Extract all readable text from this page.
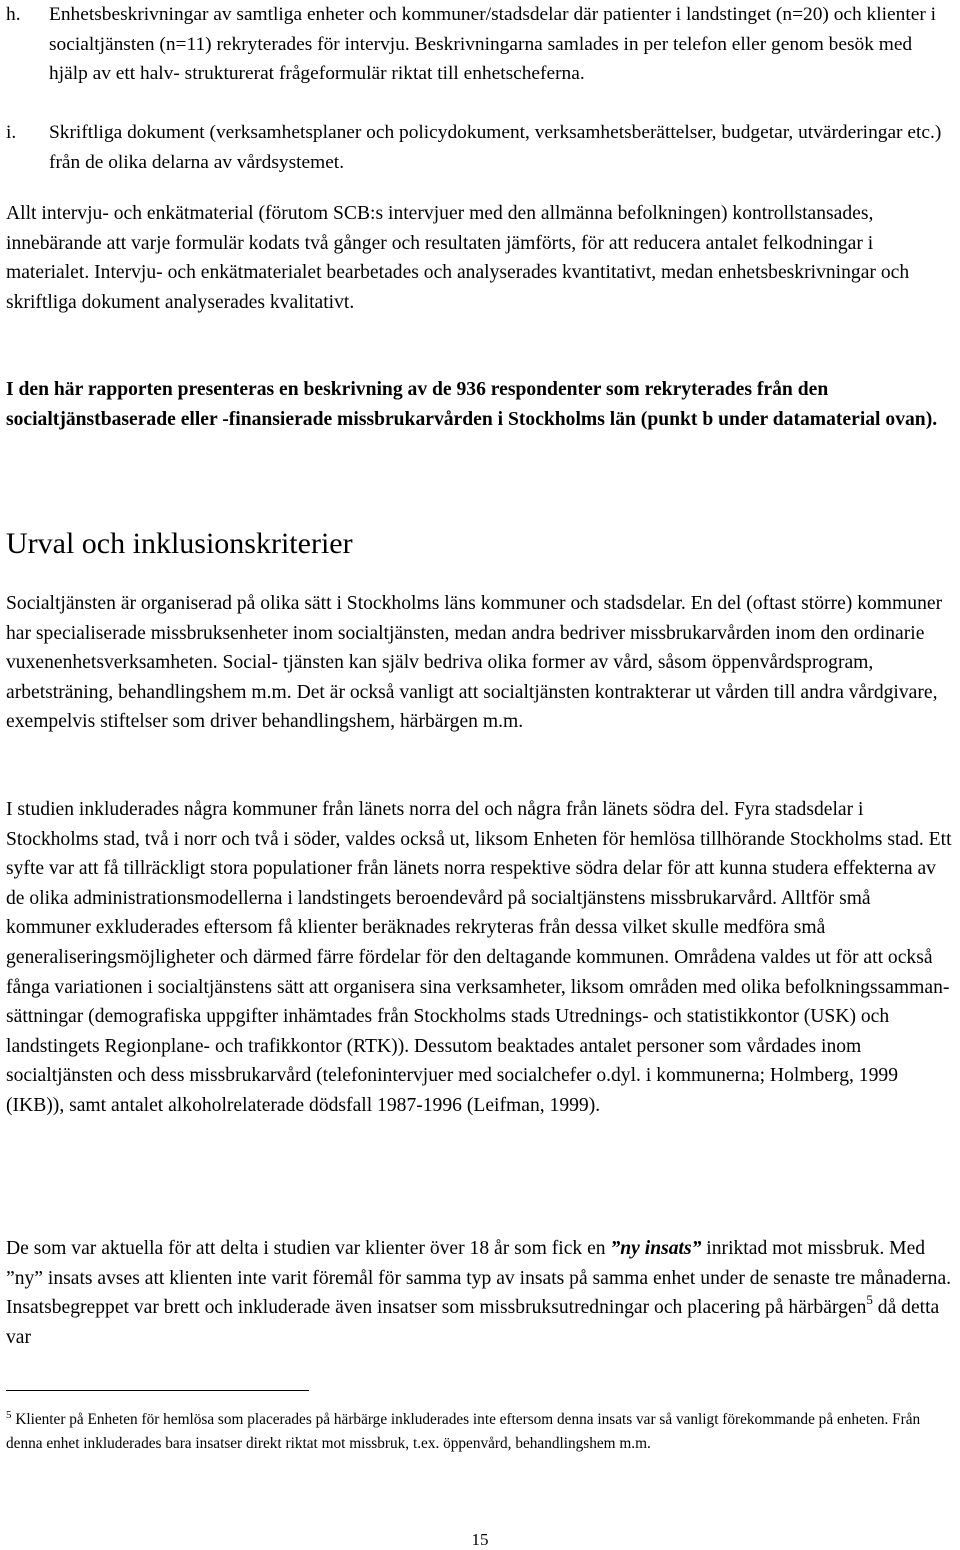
h. Enhetsbeskrivningar av samtliga enheter och kommuner/stadsdelar där patienter i landstinget (n=20) och klienter i socialtjänsten (n=11) rekryterades för intervju. Beskrivningarna samlades in per telefon eller genom besök med hjälp av ett halv- strukturerat frågeformulär riktat till enhetscheferna.
i. Skriftliga dokument (verksamhetsplaner och policydokument, verksamhetsberättelser, budgetar, utvärderingar etc.) från de olika delarna av vårdsystemet.

Allt intervju- och enkätmaterial (förutom SCB:s intervjuer med den allmänna befolkningen) kontrollstansades, innebärande att varje formulär kodats två gånger och resultaten jämförts, för att reducera antalet felkodningar i materialet. Intervju- och enkätmaterialet bearbetades och analyserades kvantitativt, medan enhetsbeskrivningar och skriftliga dokument analyserades kvalitativt.

I den här rapporten presenteras en beskrivning av de 936 respondenter som rekryterades från den socialtjänstbaserade eller -finansierade missbrukarvården i Stockholms län (punkt b under datamaterial ovan).

Urval och inklusionskriterier

Socialtjänsten är organiserad på olika sätt i Stockholms läns kommuner och stadsdelar. En del (oftast större) kommuner har specialiserade missbruksenheter inom socialtjänsten, medan andra bedriver missbrukarvården inom den ordinarie vuxenenhetsverksamheten. Social- tjänsten kan själv bedriva olika former av vård, såsom öppenvårdsprogram, arbetsträning, behandlingshem m.m. Det är också vanligt att socialtjänsten kontrakterar ut vården till andra vårdgivare, exempelvis stiftelser som driver behandlingshem, härbärgen m.m.

I studien inkluderades några kommuner från länets norra del och några från länets södra del. Fyra stadsdelar i Stockholms stad, två i norr och två i söder, valdes också ut, liksom Enheten för hemlösa tillhörande Stockholms stad. Ett syfte var att få tillräckligt stora populationer från länets norra respektive södra delar för att kunna studera effekterna av de olika administrationsmodellerna i landstingets beroendevård på socialtjänstens missbrukarvård. Alltför små kommuner exkluderades eftersom få klienter beräknades rekryteras från dessa vilket skulle medföra små generaliseringsmöjligheter och därmed färre fördelar för den deltagande kommunen. Områdena valdes ut för att också fånga variationen i socialtjänstens sätt att organisera sina verksamheter, liksom områden med olika befolkningssamman- sättningar (demografiska uppgifter inhämtades från Stockholms stads Utrednings- och statistikkontor (USK) och landstingets Regionplane- och trafikkontor (RTK)). Dessutom beaktades antalet personer som vårdades inom socialtjänsten och dess missbrukarvård (telefonintervjuer med socialchefer o.dyl. i kommunerna; Holmberg, 1999 (IKB)), samt antalet alkoholrelaterade dödsfall 1987-1996 (Leifman, 1999).

De som var aktuella för att delta i studien var klienter över 18 år som fick en ”ny insats” inriktad mot missbruk. Med ”ny” insats avses att klienten inte varit föremål för samma typ av insats på samma enhet under de senaste tre månaderna. Insatsbegreppet var brett och inkluderade även insatser som missbruksutredningar och placering på härbärgen$^5$ då detta var

$^5$ Klienter på Enheten för hemlösa som placerades på härbärge inkluderades inte eftersom denna insats var så vanligt förekommande på enheten. Från denna enhet inkluderades bara insatser direkt riktat mot missbruk, t.ex. öppenvård, behandlingshem m.m.

15
